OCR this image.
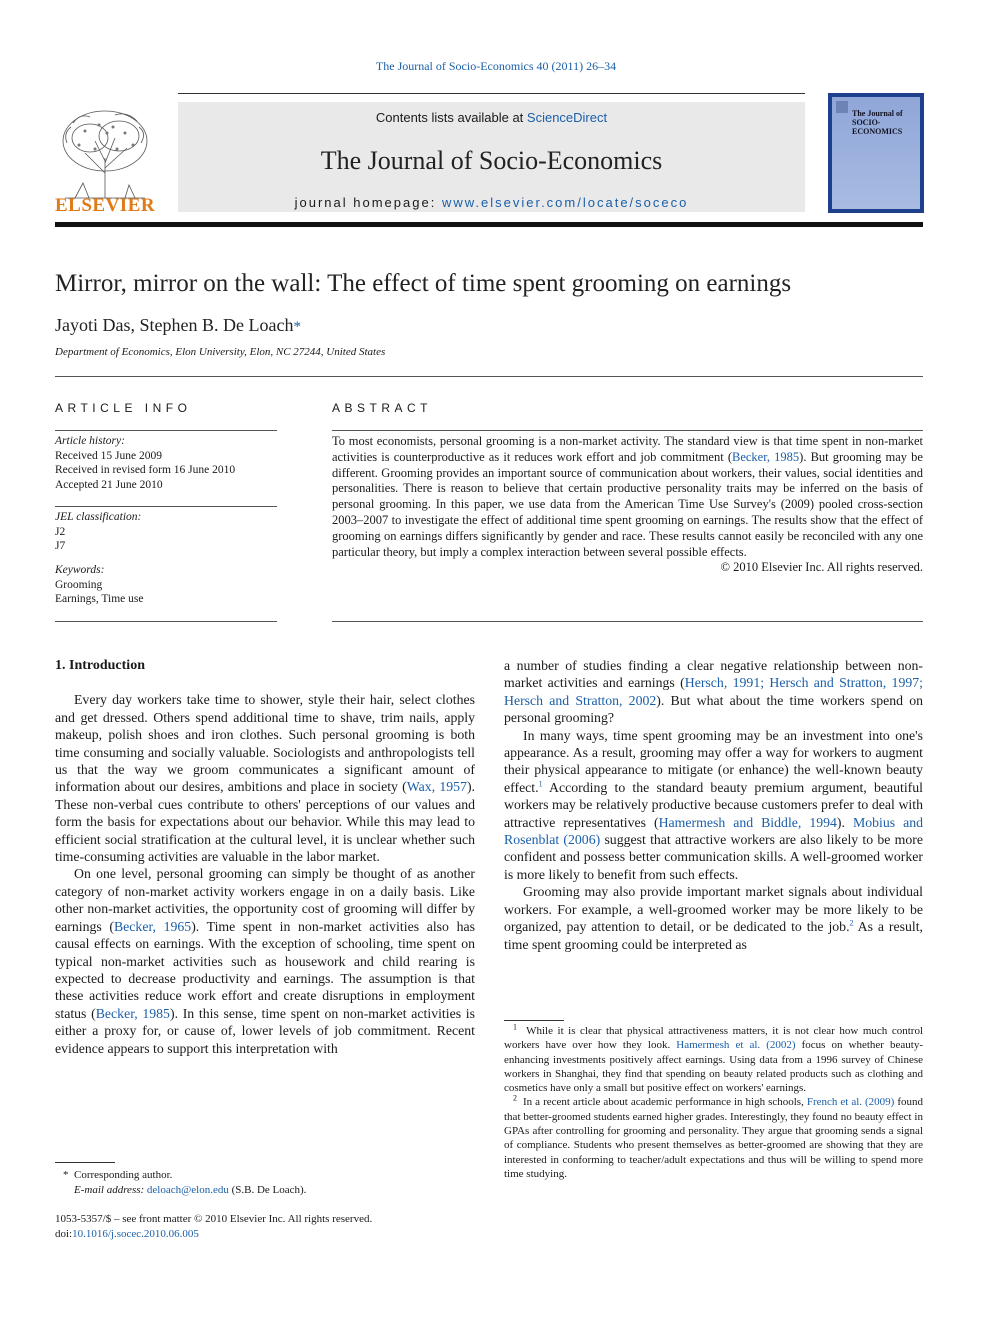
The Journal of Socio-Economics 40 (2011) 26–34
ELSEVIER
Contents lists available at ScienceDirect
The Journal of Socio-Economics
journal homepage: www.elsevier.com/locate/soceco
The Journal of SOCIO-ECONOMICS
Mirror, mirror on the wall: The effect of time spent grooming on earnings
Jayoti Das, Stephen B. De Loach*
Department of Economics, Elon University, Elon, NC 27244, United States
ARTICLE INFO	ABSTRACT
Article history:
Received 15 June 2009
Received in revised form 16 June 2010
Accepted 21 June 2010
JEL classification:
J2
J7
Keywords:
Grooming
Earnings, Time use
To most economists, personal grooming is a non-market activity. The standard view is that time spent in non-market activities is counterproductive as it reduces work effort and job commitment (Becker, 1985). But grooming may be different. Grooming provides an important source of communication about workers, their values, social identities and personalities. There is reason to believe that certain productive personality traits may be inferred on the basis of personal grooming. In this paper, we use data from the American Time Use Survey's (2009) pooled cross-section 2003–2007 to investigate the effect of additional time spent grooming on earnings. The results show that the effect of grooming on earnings differs significantly by gender and race. These results cannot easily be reconciled with any one particular theory, but imply a complex interaction between several possible effects.
© 2010 Elsevier Inc. All rights reserved.
1. Introduction

Every day workers take time to shower, style their hair, select clothes and get dressed. Others spend additional time to shave, trim nails, apply makeup, polish shoes and iron clothes. Such personal grooming is both time consuming and socially valuable. Sociologists and anthropologists tell us that the way we groom communicates a significant amount of information about our desires, ambitions and place in society (Wax, 1957). These non-verbal cues contribute to others' perceptions of our values and form the basis for expectations about our behavior. While this may lead to efficient social stratification at the cultural level, it is unclear whether such time-consuming activities are valuable in the labor market.

On one level, personal grooming can simply be thought of as another category of non-market activity workers engage in on a daily basis. Like other non-market activities, the opportunity cost of grooming will differ by earnings (Becker, 1965). Time spent in non-market activities also has causal effects on earnings. With the exception of schooling, time spent on typical non-market activities such as housework and child rearing is expected to decrease productivity and earnings. The assumption is that these activities reduce work effort and create disruptions in employment status (Becker, 1985). In this sense, time spent on non-market activities is either a proxy for, or cause of, lower levels of job commitment. Recent evidence appears to support this interpretation with

a number of studies finding a clear negative relationship between non-market activities and earnings (Hersch, 1991; Hersch and Stratton, 1997; Hersch and Stratton, 2002). But what about the time workers spend on personal grooming?

In many ways, time spent grooming may be an investment into one's appearance. As a result, grooming may offer a way for workers to augment their physical appearance to mitigate (or enhance) the well-known beauty effect.$^1$ According to the standard beauty premium argument, beautiful workers may be relatively productive because customers prefer to deal with attractive representatives (Hamermesh and Biddle, 1994). Mobius and Rosenblat (2006) suggest that attractive workers are also likely to be more confident and possess better communication skills. A well-groomed worker is more likely to benefit from such effects.

Grooming may also provide important market signals about individual workers. For example, a well-groomed worker may be more likely to be organized, pay attention to detail, or be dedicated to the job.$^2$ As a result, time spent grooming could be interpreted as

$^1$ While it is clear that physical attractiveness matters, it is not clear how much control workers have over how they look. Hamermesh et al. (2002) focus on whether beauty-enhancing investments positively affect earnings. Using data from a 1996 survey of Chinese workers in Shanghai, they find that spending on beauty related products such as clothing and cosmetics have only a small but positive effect on workers' earnings.

$^2$ In a recent article about academic performance in high schools, French et al. (2009) found that better-groomed students earned higher grades. Interestingly, they found no beauty effect in GPAs after controlling for grooming and personality. They argue that grooming sends a signal of compliance. Students who present themselves as better-groomed are showing that they are interested in conforming to teacher/adult expectations and thus will be willing to spend more time studying.

* Corresponding author.
E-mail address: deloach@elon.edu (S.B. De Loach).
1053-5357/$ – see front matter © 2010 Elsevier Inc. All rights reserved.
doi:10.1016/j.socec.2010.06.005
